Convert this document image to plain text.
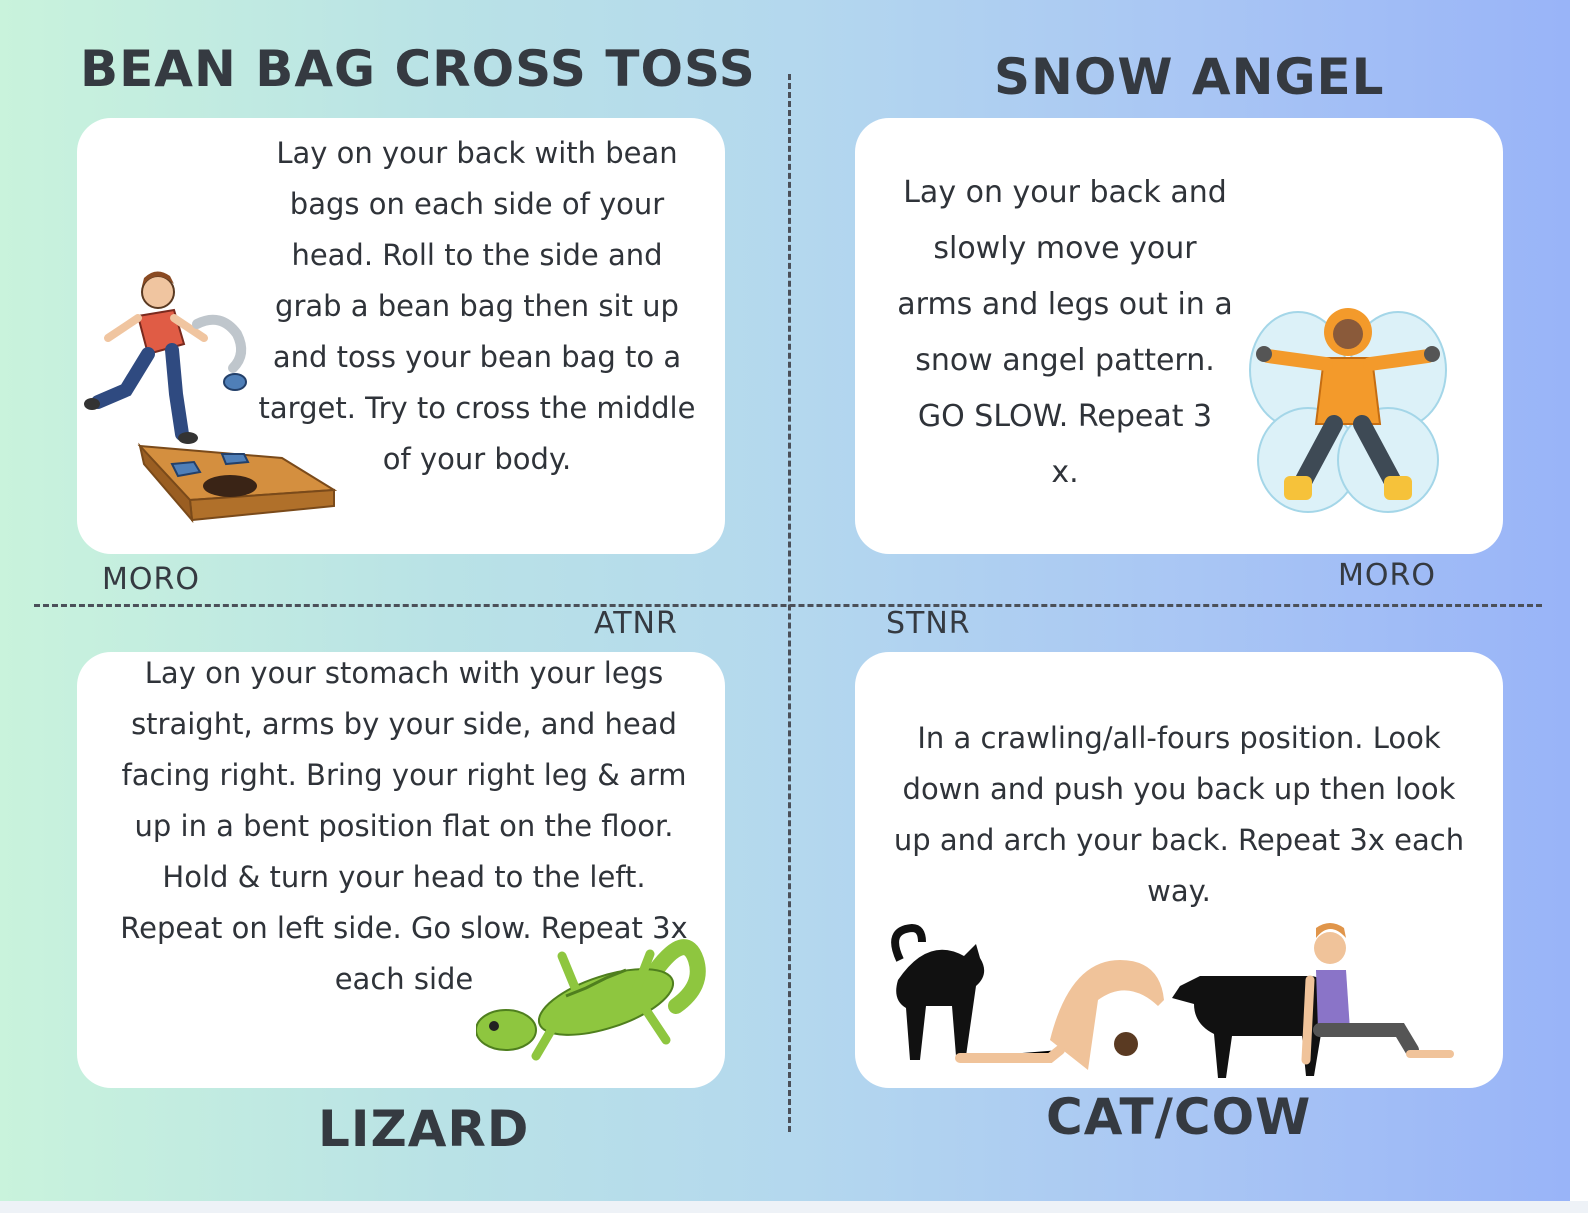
BEAN BAG CROSS TOSS	SNOW ANGEL
LIZARD	CAT/COW
MORO	MORO
ATNR	STNR
Lay on your back with bean
bags on each side of your
head. Roll to the side and
grab a bean bag then sit up
and toss your bean bag to a
target. Try to cross the middle
of your body.
Lay on your back and
slowly move your
arms and legs out in a
snow angel pattern.
GO SLOW. Repeat 3
x.
Lay on your stomach with your legs
straight, arms by your side, and head
facing right. Bring your right leg & arm
up in a bent position flat on the floor.
Hold & turn your head to the left.
Repeat on left side. Go slow. Repeat 3x
each side
In a crawling/all-fours position. Look
down and push you back up then look
up and arch your back. Repeat 3x each
way.
